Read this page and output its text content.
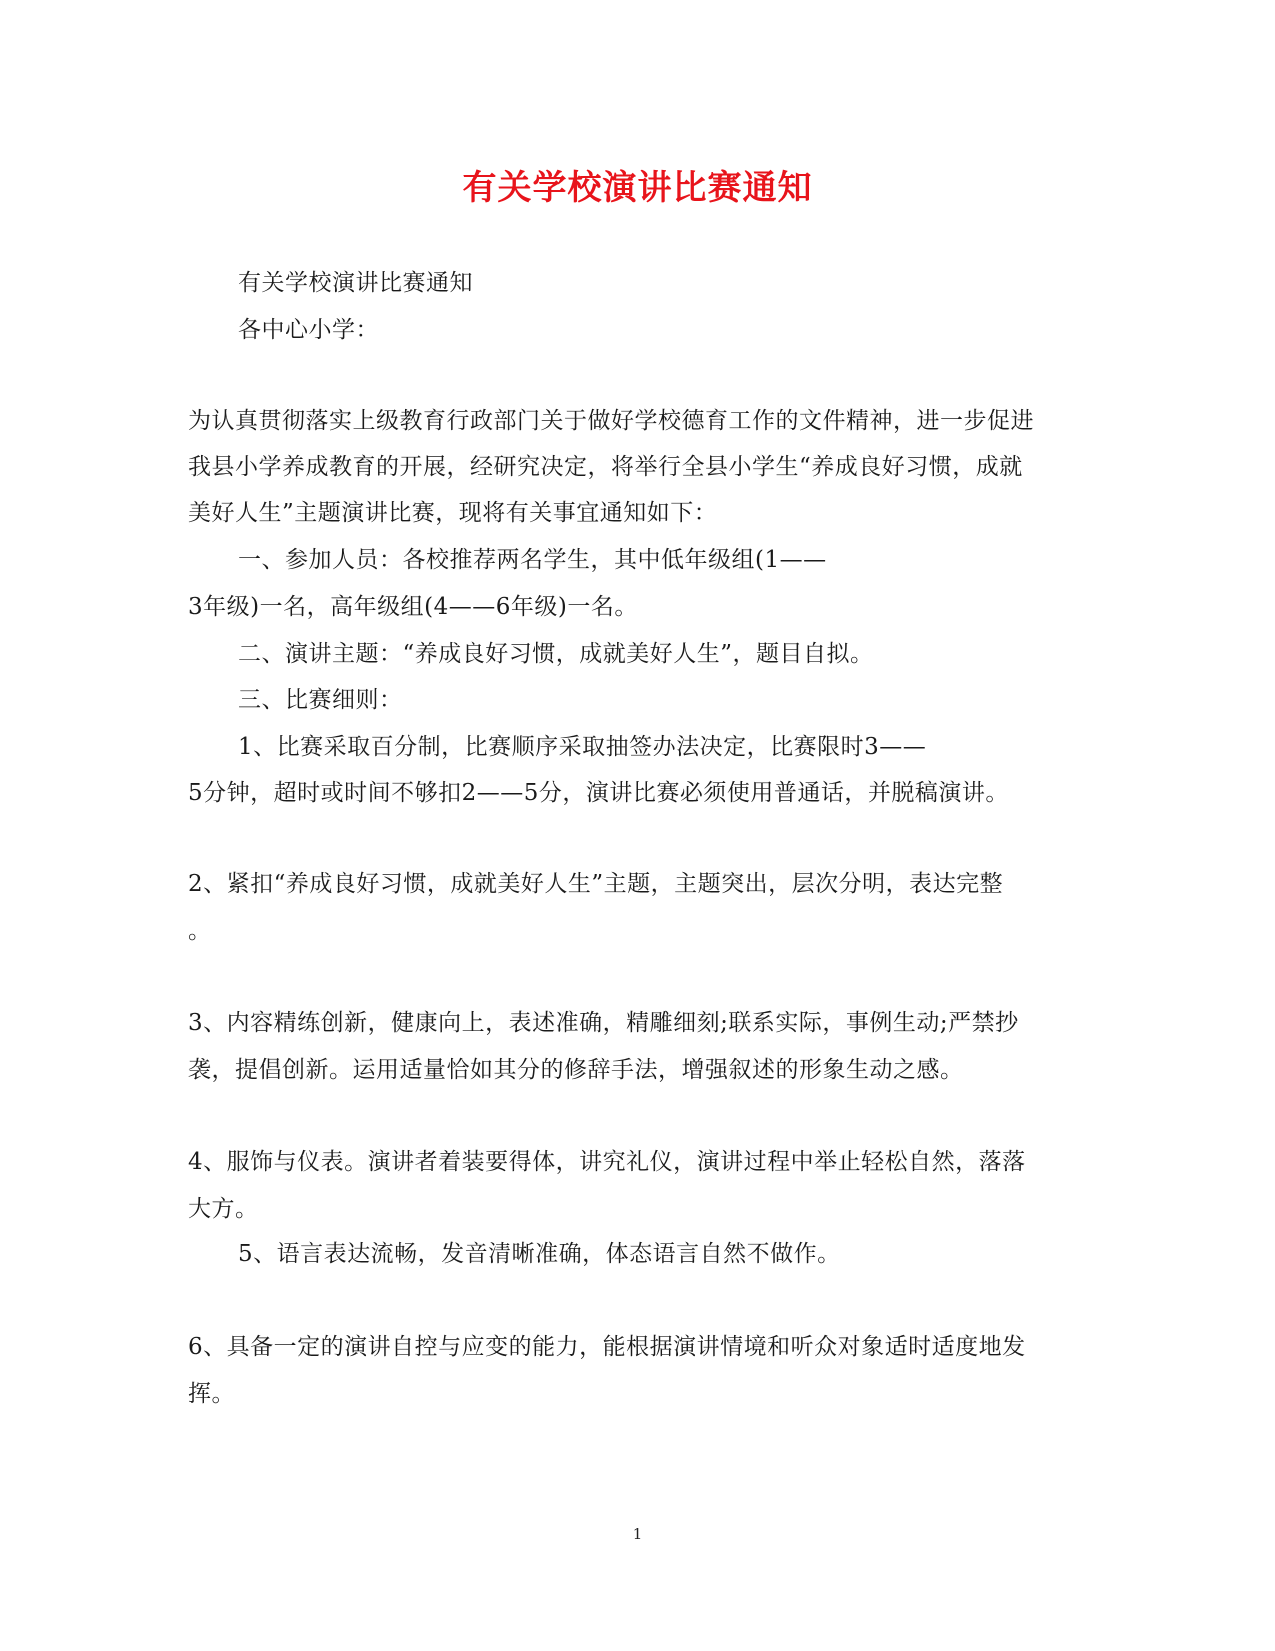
有关学校演讲比赛通知
有关学校演讲比赛通知
各中心小学：
为认真贯彻落实上级教育行政部门关于做好学校德育工作的文件精神，进一步促进
我县小学养成教育的开展，经研究决定，将举行全县小学生“养成良好习惯，成就
美好人生”主题演讲比赛，现将有关事宜通知如下：
一、参加人员：各校推荐两名学生，其中低年级组(1——
3年级)一名，高年级组(4——6年级)一名。
二、演讲主题：“养成良好习惯，成就美好人生”，题目自拟。
三、比赛细则：
1、比赛采取百分制，比赛顺序采取抽签办法决定，比赛限时3——
5分钟，超时或时间不够扣2——5分，演讲比赛必须使用普通话，并脱稿演讲。
2、紧扣“养成良好习惯，成就美好人生”主题，主题突出，层次分明，表达完整
。
3、内容精练创新，健康向上，表述准确，精雕细刻;联系实际，事例生动;严禁抄
袭，提倡创新。运用适量恰如其分的修辞手法，增强叙述的形象生动之感。
4、服饰与仪表。演讲者着装要得体，讲究礼仪，演讲过程中举止轻松自然，落落
大方。
5、语言表达流畅，发音清晰准确，体态语言自然不做作。
6、具备一定的演讲自控与应变的能力，能根据演讲情境和听众对象适时适度地发
挥。
1
